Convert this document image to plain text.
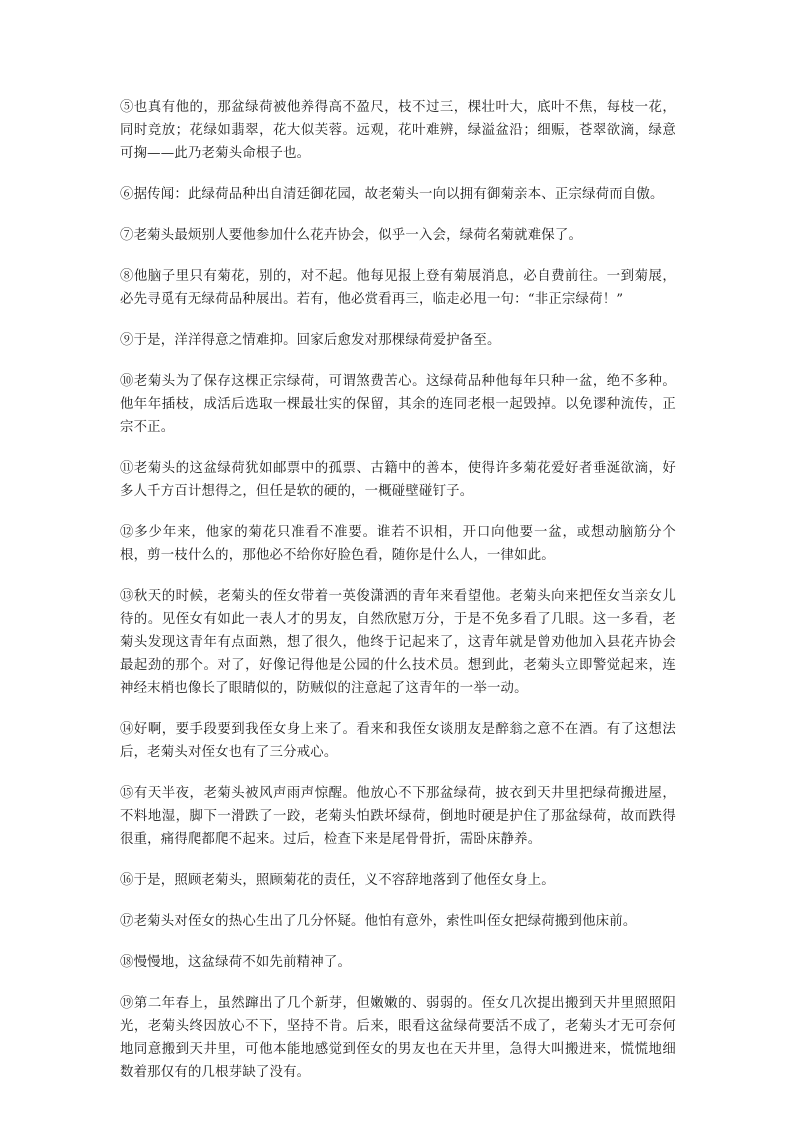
⑤也真有他的，那盆绿荷被他养得高不盈尺，枝不过三，棵壮叶大，底叶不焦，每枝一花，同时竞放；花绿如翡翠，花大似芙蓉。远观，花叶难辨，绿溢盆沿；细赈，苍翠欲滴，绿意可掬——此乃老菊头命根子也。

⑥据传闻：此绿荷品种出自清廷御花园，故老菊头一向以拥有御菊亲本、正宗绿荷而自傲。

⑦老菊头最烦别人要他参加什么花卉协会，似乎一入会，绿荷名菊就难保了。

⑧他脑子里只有菊花，别的，对不起。他每见报上登有菊展消息，必自费前往。一到菊展，必先寻觅有无绿荷品种展出。若有，他必赏看再三，临走必甩一句：“非正宗绿荷！”

⑨于是，洋洋得意之情难抑。回家后愈发对那棵绿荷爱护备至。

⑩老菊头为了保存这棵正宗绿荷，可谓煞费苦心。这绿荷品种他每年只种一盆，绝不多种。他年年插枝，成活后选取一棵最壮实的保留，其余的连同老根一起毁掉。以免谬种流传，正宗不正。

⑪老菊头的这盆绿荷犹如邮票中的孤票、古籍中的善本，使得许多菊花爱好者垂涎欲滴，好多人千方百计想得之，但任是软的硬的，一概碰壁碰钉子。

⑫多少年来，他家的菊花只准看不准要。谁若不识相，开口向他要一盆，或想动脑筋分个根，剪一枝什么的，那他必不给你好脸色看，随你是什么人，一律如此。

⑬秋天的时候，老菊头的侄女带着一英俊潇洒的青年来看望他。老菊头向来把侄女当亲女儿待的。见侄女有如此一表人才的男友，自然欣慰万分，于是不免多看了几眼。这一多看，老菊头发现这青年有点面熟，想了很久，他终于记起来了，这青年就是曾劝他加入县花卉协会最起劲的那个。对了，好像记得他是公园的什么技术员。想到此，老菊头立即警觉起来，连神经末梢也像长了眼睛似的，防贼似的注意起了这青年的一举一动。

⑭好啊，要手段要到我侄女身上来了。看来和我侄女谈朋友是醉翁之意不在酒。有了这想法后，老菊头对侄女也有了三分戒心。

⑮有天半夜，老菊头被风声雨声惊醒。他放心不下那盆绿荷，披衣到天井里把绿荷搬进屋，不料地湿，脚下一滑跌了一跤，老菊头怕跌坏绿荷，倒地时硬是护住了那盆绿荷，故而跌得很重，痛得爬都爬不起来。过后，检查下来是尾骨骨折，需卧床静养。

⑯于是，照顾老菊头，照顾菊花的责任，义不容辞地落到了他侄女身上。

⑰老菊头对侄女的热心生出了几分怀疑。他怕有意外，索性叫侄女把绿荷搬到他床前。

⑱慢慢地，这盆绿荷不如先前精神了。

⑲第二年春上，虽然蹿出了几个新芽，但嫩嫩的、弱弱的。侄女几次提出搬到天井里照照阳光，老菊头终因放心不下，坚持不肯。后来，眼看这盆绿荷要活不成了，老菊头才无可奈何地同意搬到天井里，可他本能地感觉到侄女的男友也在天井里，急得大叫搬进来，慌慌地细数着那仅有的几根芽缺了没有。
